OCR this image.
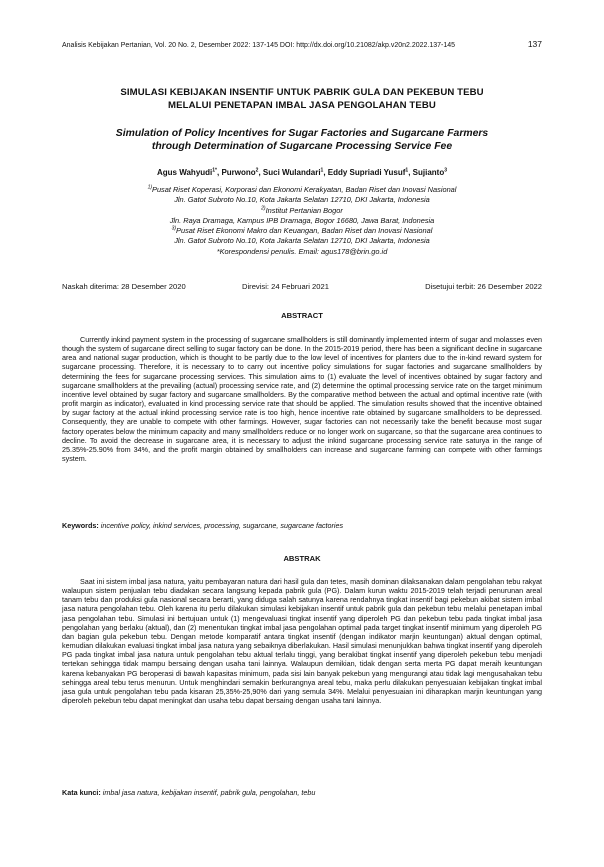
Analisis Kebijakan Pertanian, Vol. 20 No. 2, Desember 2022: 137-145 DOI: http://dx.doi.org/10.21082/akp.v20n2.2022.137-145	137
SIMULASI KEBIJAKAN INSENTIF UNTUK PABRIK GULA DAN PEKEBUN TEBU
MELALUI PENETAPAN IMBAL JASA PENGOLAHAN TEBU
Simulation of Policy Incentives for Sugar Factories and Sugarcane Farmers
through Determination of Sugarcane Processing Service Fee
Agus Wahyudi$^{1*}$, Purwono$^2$, Suci Wulandari$^1$, Eddy Supriadi Yusuf$^1$, Sujianto$^3$
$^{1)}$Pusat Riset Koperasi, Korporasi dan Ekonomi Kerakyatan, Badan Riset dan Inovasi Nasional
Jln. Gatot Subroto No.10, Kota Jakarta Selatan 12710, DKI Jakarta, Indonesia
$^{2)}$Institut Pertanian Bogor
Jln. Raya Dramaga, Kampus IPB Dramaga, Bogor 16680, Jawa Barat, Indonesia
$^{3)}$Pusat Riset Ekonomi Makro dan Keuangan, Badan Riset dan Inovasi Nasional
Jln. Gatot Subroto No.10, Kota Jakarta Selatan 12710, DKI Jakarta, Indonesia
*Korespondensi penulis. Email: agus178@brin.go.id
Naskah diterima: 28 Desember 2020	Direvisi: 24 Februari 2021	Disetujui terbit: 26 Desember 2022
ABSTRACT
Currently inkind payment system in the processing of sugarcane smallholders is still dominantly implemented interm of sugar and molasses even though the system of sugarcane direct selling to sugar factory can be done. In the 2015-2019 period, there has been a significant decline in sugarcane area and national sugar production, which is thought to be partly due to the low level of incentives for planters due to the in-kind reward system for sugarcane processing. Therefore, it is necessary to to carry out incentive policy simulations for sugar factories and sugarcane smallholders by determining the fees for sugarcane processing services. This simulation aims to (1) evaluate the level of incentives obtained by sugar factory and sugarcane smallholders at the prevailing (actual) processing service rate, and (2) determine the optimal processing service rate on the target minimum incentive level obtained by sugar factory and sugarcane smallholders. By the comparative method between the actual and optimal incentive rate (with profit margin as indicator), evaluated in kind processing service rate that should be applied. The simulation results showed that the incentive obtained by sugar factory at the actual inkind processing service rate is too high, hence incentive rate obtained by sugarcane smallholders to be depressed. Consequently, they are unable to compete with other farmings. However, sugar factories can not necessarily take the benefit because most sugar factory operates below the minimum capacity and many smallholders reduce or no longer work on sugarcane, so that the sugarcane area continues to decline. To avoid the decrease in sugarcane area, it is necessary to adjust the inkind sugarcane processing service rate saturya in the range of 25.35%-25.90% from 34%, and the profit margin obtained by smallholders can increase and sugarcane farming can compete with other farmings system.
Keywords: incentive policy, inkind services, processing, sugarcane, sugarcane factories
ABSTRAK
Saat ini sistem imbal jasa natura, yaitu pembayaran natura dari hasil gula dan tetes, masih dominan dilaksanakan dalam pengolahan tebu rakyat walaupun sistem penjualan tebu diadakan secara langsung kepada pabrik gula (PG). Dalam kurun waktu 2015-2019 telah terjadi penurunan areal tanam tebu dan produksi gula nasional secara berarti, yang diduga salah satunya karena rendahnya tingkat insentif bagi pekebun akibat sistem imbal jasa natura pengolahan tebu. Oleh karena itu perlu dilakukan simulasi kebijakan insentif untuk pabrik gula dan pekebun tebu melalui penetapan imbal jasa pengolahan tebu. Simulasi ini bertujuan untuk (1) mengevaluasi tingkat insentif yang diperoleh PG dan pekebun tebu pada tingkat imbal jasa pengolahan yang berlaku (aktual), dan (2) menentukan tingkat imbal jasa pengolahan optimal pada target tingkat insentif minimum yang diperoleh PG dan bagian gula pekebun tebu. Dengan metode komparatif antara tingkat insentif (dengan indikator marjin keuntungan) aktual dengan optimal, kemudian dilakukan evaluasi tingkat imbal jasa natura yang sebaiknya diberlakukan. Hasil simulasi menunjukkan bahwa tingkat insentif yang diperoleh PG pada tingkat imbal jasa natura untuk pengolahan tebu aktual terlalu tinggi, yang berakibat tingkat insentif yang diperoleh pekebun tebu menjadi tertekan sehingga tidak mampu bersaing dengan usaha tani lainnya. Walaupun demikian, tidak dengan serta merta PG dapat meraih keuntungan karena kebanyakan PG beroperasi di bawah kapasitas minimum, pada sisi lain banyak pekebun yang mengurangi atau tidak lagi mengusahakan tebu sehingga areal tebu terus menurun. Untuk menghindari semakin berkurangnya areal tebu, maka perlu dilakukan penyesuaian kebijakan tingkat imbal jasa gula untuk pengolahan tebu pada kisaran 25,35%-25,90% dari yang semula 34%. Melalui penyesuaian ini diharapkan marjin keuntungan yang diperoleh pekebun tebu dapat meningkat dan usaha tebu dapat bersaing dengan usaha tani lainnya.
Kata kunci: imbal jasa natura, kebijakan insentif, pabrik gula, pengolahan, tebu
